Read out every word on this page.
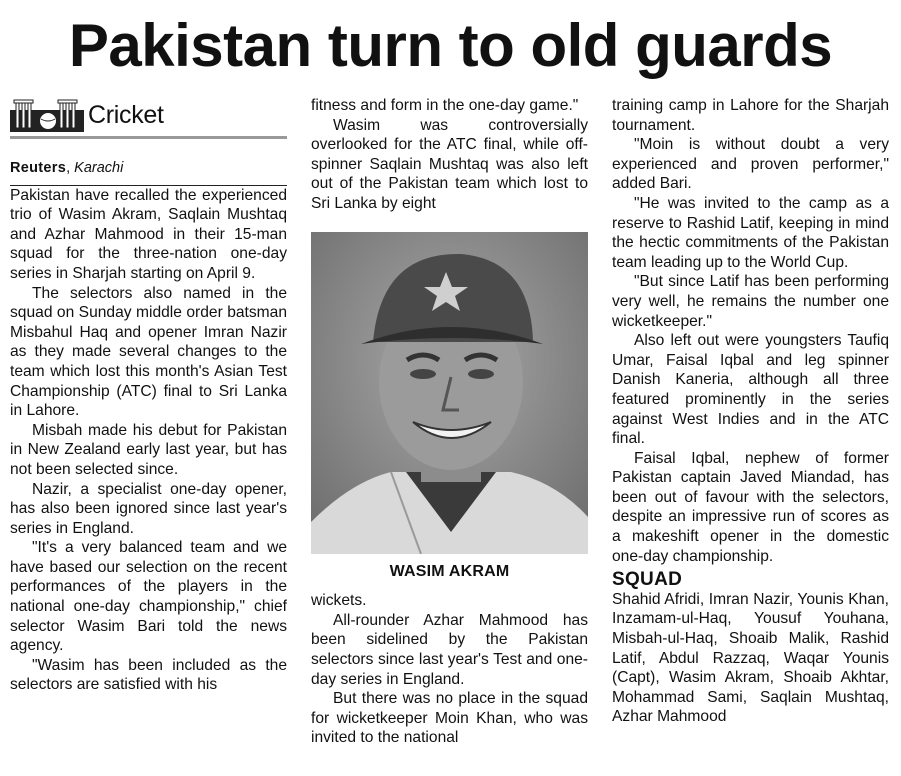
Pakistan turn to old guards
Cricket

Reuters, Karachi

Pakistan have recalled the experienced trio of Wasim Akram, Saqlain Mushtaq and Azhar Mahmood in their 15-man squad for the three-nation one-day series in Sharjah starting on April 9.

The selectors also named in the squad on Sunday middle order batsman Misbahul Haq and opener Imran Nazir as they made several changes to the team which lost this month's Asian Test Championship (ATC) final to Sri Lanka in Lahore.

Misbah made his debut for Pakistan in New Zealand early last year, but has not been selected since.

Nazir, a specialist one-day opener, has also been ignored since last year's series in England.

"It's a very balanced team and we have based our selection on the recent performances of the players in the national one-day championship," chief selector Wasim Bari told the news agency.

"Wasim has been included as the selectors are satisfied with his

fitness and form in the one-day game."

Wasim was controversially overlooked for the ATC final, while off-spinner Saqlain Mushtaq was also left out of the Pakistan team which lost to Sri Lanka by eight

WASIM AKRAM

wickets.

All-rounder Azhar Mahmood has been sidelined by the Pakistan selectors since last year's Test and one-day series in England.

But there was no place in the squad for wicketkeeper Moin Khan, who was invited to the national

training camp in Lahore for the Sharjah tournament.

"Moin is without doubt a very experienced and proven performer," added Bari.

"He was invited to the camp as a reserve to Rashid Latif, keeping in mind the hectic commitments of the Pakistan team leading up to the World Cup.

"But since Latif has been performing very well, he remains the number one wicketkeeper."

Also left out were youngsters Taufiq Umar, Faisal Iqbal and leg spinner Danish Kaneria, although all three featured prominently in the series against West Indies and in the ATC final.

Faisal Iqbal, nephew of former Pakistan captain Javed Miandad, has been out of favour with the selectors, despite an impressive run of scores as a makeshift opener in the domestic one-day championship.

SQUAD

Shahid Afridi, Imran Nazir, Younis Khan, Inzamam-ul-Haq, Yousuf Youhana, Misbah-ul-Haq, Shoaib Malik, Rashid Latif, Abdul Razzaq, Waqar Younis (Capt), Wasim Akram, Shoaib Akhtar, Mohammad Sami, Saqlain Mushtaq, Azhar Mahmood
